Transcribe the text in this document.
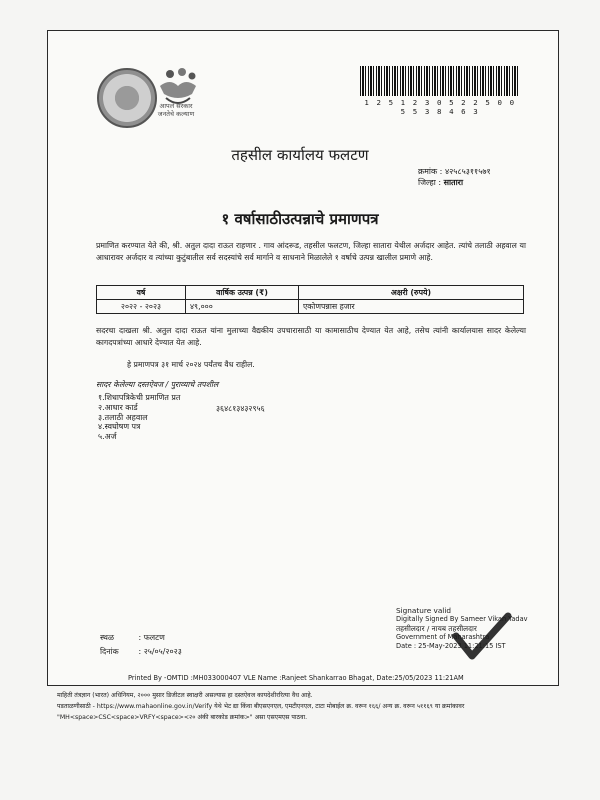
आपले सरकार
जनतेचे कल्याण
1 2 5 1 2 3 0 5 2 2 5 0 0 5 5 3 8 4 6 3
तहसील कार्यालय फलटण
क्रमांक : ४२५८५३११५७१
जिल्हा : सातारा
१ वर्षासाठीउत्पन्नाचे प्रमाणपत्र
प्रमाणित करण्यात येते की, श्री. अतुल दादा राऊत राहणार . गाव आंदरूड, तहसील फलटण, जिल्हा सातारा येथील अर्जदार आहेत. त्यांचे तलाठी अहवाल या आधारावर अर्जदार व त्यांच्या कुटुंबातील सर्व सदस्यांचे सर्व मार्गाने व साधनाने मिळालेले १ वर्षाचे उत्पन्न खालील प्रमाणे आहे.
वर्ष	वार्षिक उत्पन्न (₹)	अक्षरी (रुपये)
२०२२ - २०२३	४९,०००	एकोणपन्नास हजार
सदरचा दाखला श्री. अतुल दादा राऊत यांना मुलाच्या वैद्यकीय उपचारासाठी या कामासाठीच देण्यात येत आहे, तसेच त्यांनी कार्यालयास सादर केलेल्या कागदपत्रांच्या आधारे देण्यात येत आहे.
हे प्रमाणपत्र ३१ मार्च २०२४ पर्यंतच वैध राहील.
सादर केलेल्या दस्तऐवज / पुराव्याचे तपशील
१.शिधापत्रिकेची प्रमाणित प्रत
२.आधार कार्ड
३.तलाठी अहवाल
४.स्वघोषण पत्र
५.अर्ज
३६४८१३४३२९५६
Signature valid
Digitally Signed By Sameer Vikan Yadav
तहसीलदार / नायब तहसीलदार
Government of Maharashtra
Date : 25-May-2023 11:21:15 IST
स्थळ	: फलटण
दिनांक : २५/०५/२०२३
Printed By -OMTID :MH033000407 VLE Name :Ranjeet Shankarrao Bhagat, Date:25/05/2023 11:21AM
माहिती तंत्रज्ञान (भारत) अधिनियम, २००० मुसार डिजीटल स्वाक्षरी असल्यास हा दस्तऐवज कायदेशीररित्या वैध आहे.
पडताळणीसाठी - https://www.mahaonline.gov.in/Verify येथे भेट द्या किंवा बीएसएनएल, एमटीएनएल, टाटा मोबाईल क्र. वरून १६६/ अन्य क्र. वरून ५११६९ या क्रमांकावर
"MH<space>CSC<space>VRFY<space><२० अंकी बारकोड क्रमांक>" असा एसएमएस पाठवा.
